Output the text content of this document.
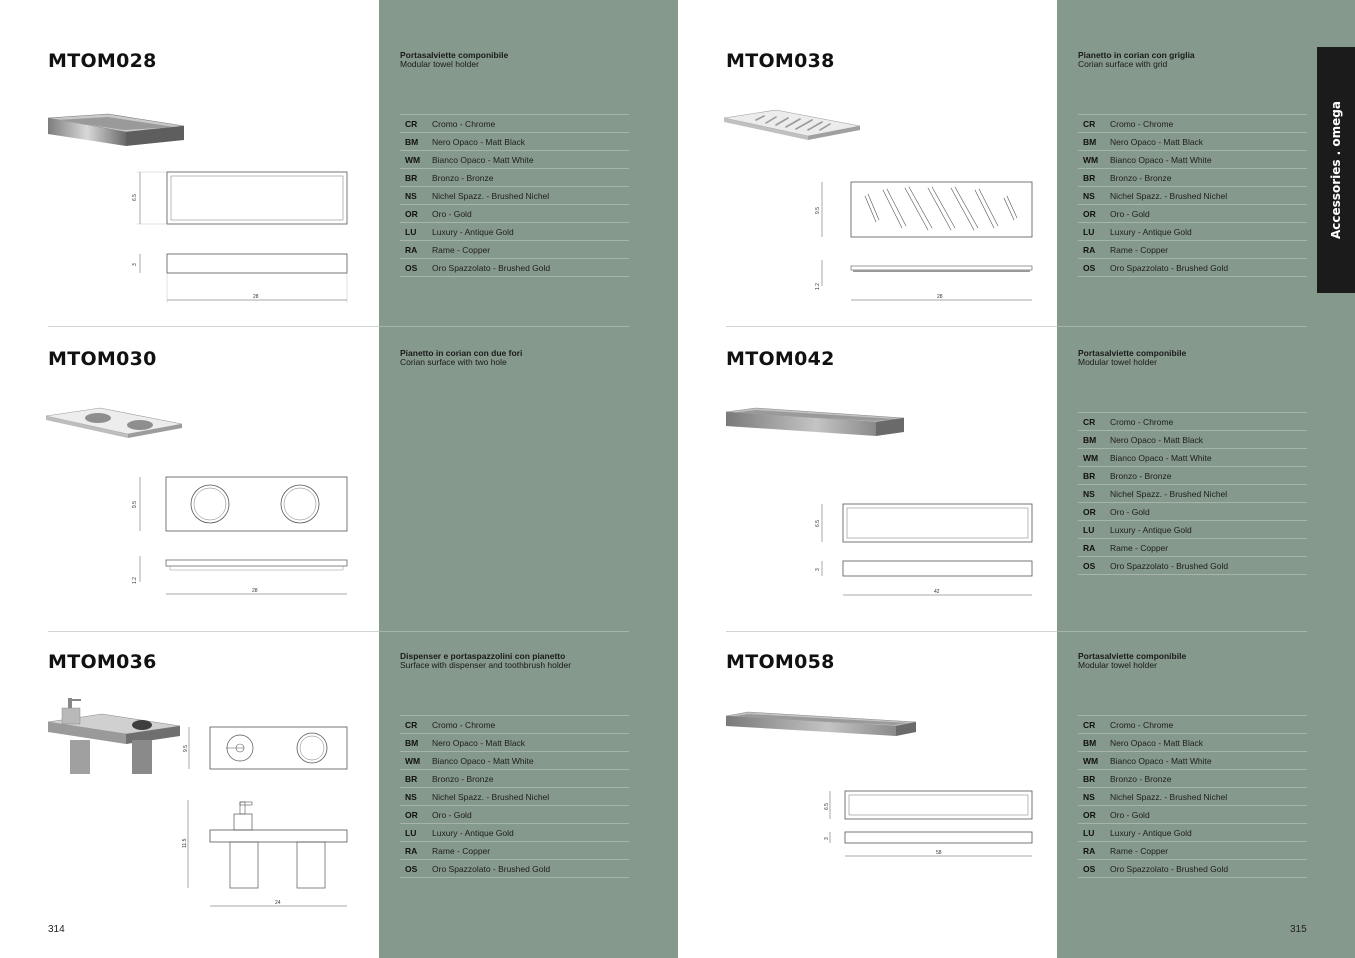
Accessories . omega
MTOM028	Portasalviette componibile
Modular towel holder
CR	Cromo - Chrome
BM	Nero Opaco - Matt Black
WM	Bianco Opaco - Matt White
BR	Bronzo - Bronze
NS	Nichel Spazz. - Brushed Nichel
OR	Oro - Gold
LU	Luxury - Antique Gold
RA	Rame - Copper
OS	Oro Spazzolato - Brushed Gold
6.5
3
28
MTOM030	Pianetto in corian con due fori
Corian surface with two hole
9.5
1.2
28
MTOM036	Dispenser e portaspazzolini con pianetto
Surface with dispenser and toothbrush holder
CR	Cromo - Chrome
BM	Nero Opaco - Matt Black
WM	Bianco Opaco - Matt White
BR	Bronzo - Bronze
NS	Nichel Spazz. - Brushed Nichel
OR	Oro - Gold
LU	Luxury - Antique Gold
RA	Rame - Copper
OS	Oro Spazzolato - Brushed Gold
9.5
11.5
24
314
MTOM038	Pianetto in corian con griglia
Corian surface with grid
CR	Cromo - Chrome
BM	Nero Opaco - Matt Black
WM	Bianco Opaco - Matt White
BR	Bronzo - Bronze
NS	Nichel Spazz. - Brushed Nichel
OR	Oro - Gold
LU	Luxury - Antique Gold
RA	Rame - Copper
OS	Oro Spazzolato - Brushed Gold
9.5
1.2
28
MTOM042	Portasalviette componibile
Modular towel holder
CR	Cromo - Chrome
BM	Nero Opaco - Matt Black
WM	Bianco Opaco - Matt White
BR	Bronzo - Bronze
NS	Nichel Spazz. - Brushed Nichel
OR	Oro - Gold
LU	Luxury - Antique Gold
RA	Rame - Copper
OS	Oro Spazzolato - Brushed Gold
6.5
3
42
MTOM058	Portasalviette componibile
Modular towel holder
CR	Cromo - Chrome
BM	Nero Opaco - Matt Black
WM	Bianco Opaco - Matt White
BR	Bronzo - Bronze
NS	Nichel Spazz. - Brushed Nichel
OR	Oro - Gold
LU	Luxury - Antique Gold
RA	Rame - Copper
OS	Oro Spazzolato - Brushed Gold
6.5
3
58
315
